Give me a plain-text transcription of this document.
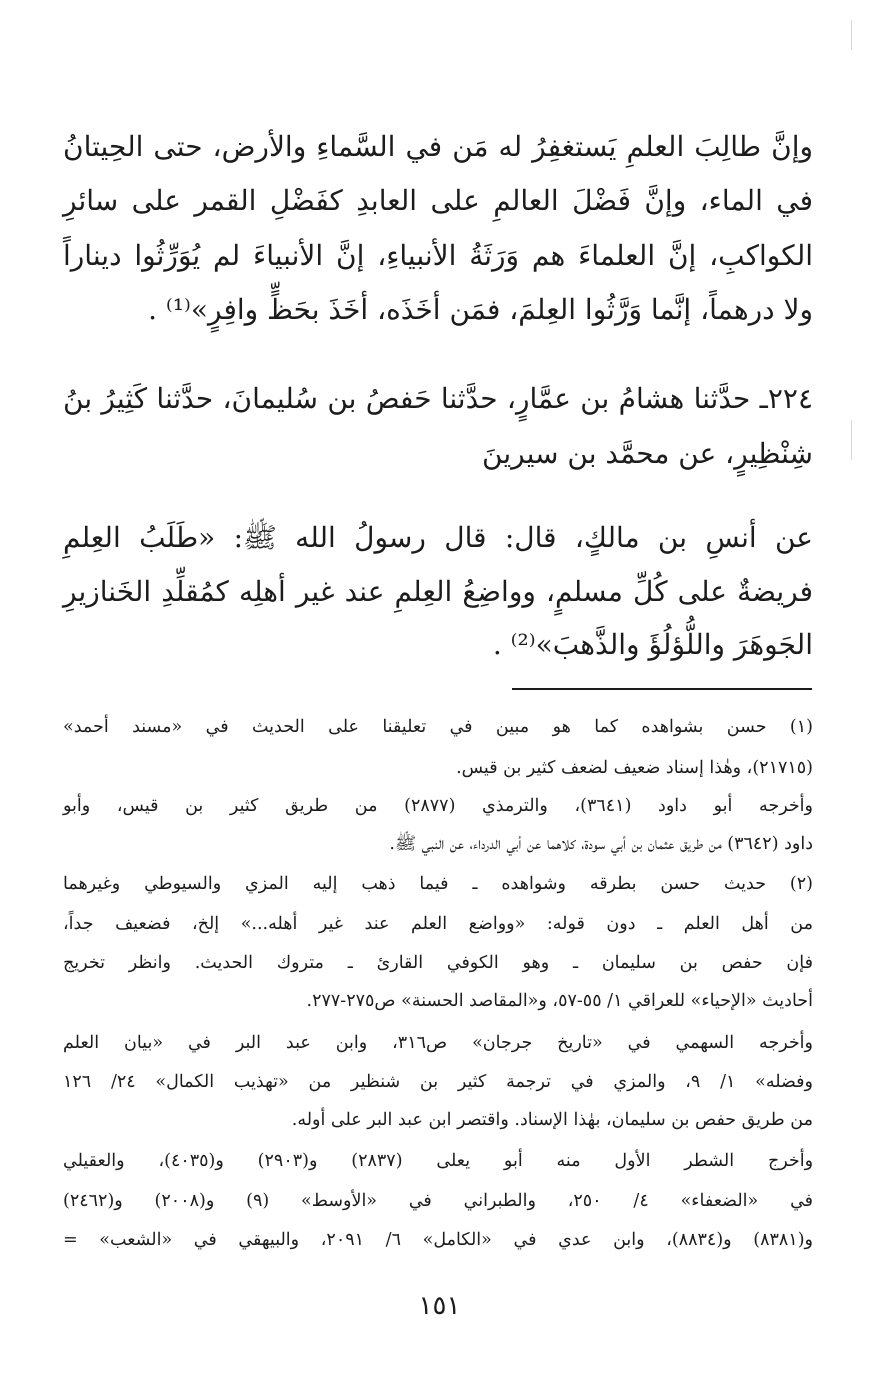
وإنَّ طالِبَ العلمِ يَستغفِرُ له مَن في السَّماءِ والأرض، حتى الحِيتانُ
في الماء، وإنَّ فَضْلَ العالمِ على العابدِ كفَضْلِ القمر على سائرِ
الكواكبِ، إنَّ العلماءَ هم وَرَثَةُ الأنبياءِ، إنَّ الأنبياءَ لم يُوَرِّثُوا ديناراً
ولا درهماً، إنَّما وَرَّثُوا العِلمَ، فمَن أخَذَه، أخَذَ بحَظٍّ وافِرٍ»⁽¹⁾ .
٢٢٤ـ حدَّثنا هشامُ بن عمَّارٍ، حدَّثنا حَفصُ بن سُليمانَ، حدَّثنا كَثِيرُ بنُ
شِنْظِيرٍ، عن محمَّد بن سيرينَ
عن أنسِ بن مالكٍ، قال: قال رسولُ الله ﷺ: «طَلَبُ العِلمِ
فريضةٌ على كُلِّ مسلمٍ، وواضِعُ العِلمِ عند غير أهلِه كمُقلِّدِ الخَنازيرِ
الجَوهَرَ واللُّؤلُؤَ والذَّهبَ»⁽²⁾ .
(١) حسن بشواهده كما هو مبين في تعليقنا على الحديث في «مسند أحمد»
(٢١٧١٥)، وهٰذا إسناد ضعيف لضعف كثير بن قيس.
وأخرجه أبو داود (٣٦٤١)، والترمذي (٢٨٧٧) من طريق كثير بن قيس، وأبو
داود (٣٦٤٢) من طريق عثمان بن أبي سودة، كلاهما عن أبي الدرداء، عن النبي ﷺ.
(٢) حديث حسن بطرقه وشواهده ـ فيما ذهب إليه المزي والسيوطي وغيرهما
من أهل العلم ـ دون قوله: «وواضع العلم عند غير أهله...» إلخ، فضعيف جداً،
فإن حفص بن سليمان ـ وهو الكوفي القارئ ـ متروك الحديث. وانظر تخريج
أحاديث «الإحياء» للعراقي ١/ ٥٥-٥٧، و«المقاصد الحسنة» ص٢٧٥-٢٧٧.
وأخرجه السهمي في «تاريخ جرجان» ص٣١٦، وابن عبد البر في «بيان العلم
وفضله» ١/ ٩، والمزي في ترجمة كثير بن شنظير من «تهذيب الكمال» ٢٤/ ١٢٦
من طريق حفص بن سليمان، بهٰذا الإسناد. واقتصر ابن عبد البر على أوله.
وأخرج الشطر الأول منه أبو يعلى (٢٨٣٧) و(٢٩٠٣) و(٤٠٣٥)، والعقيلي
في «الضعفاء» ٤/ ٢٥٠، والطبراني في «الأوسط» (٩) و(٢٠٠٨) و(٢٤٦٢)
و(٨٣٨١) و(٨٨٣٤)، وابن عدي في «الكامل» ٦/ ٢٠٩١، والبيهقي في «الشعب» =
١٥١
